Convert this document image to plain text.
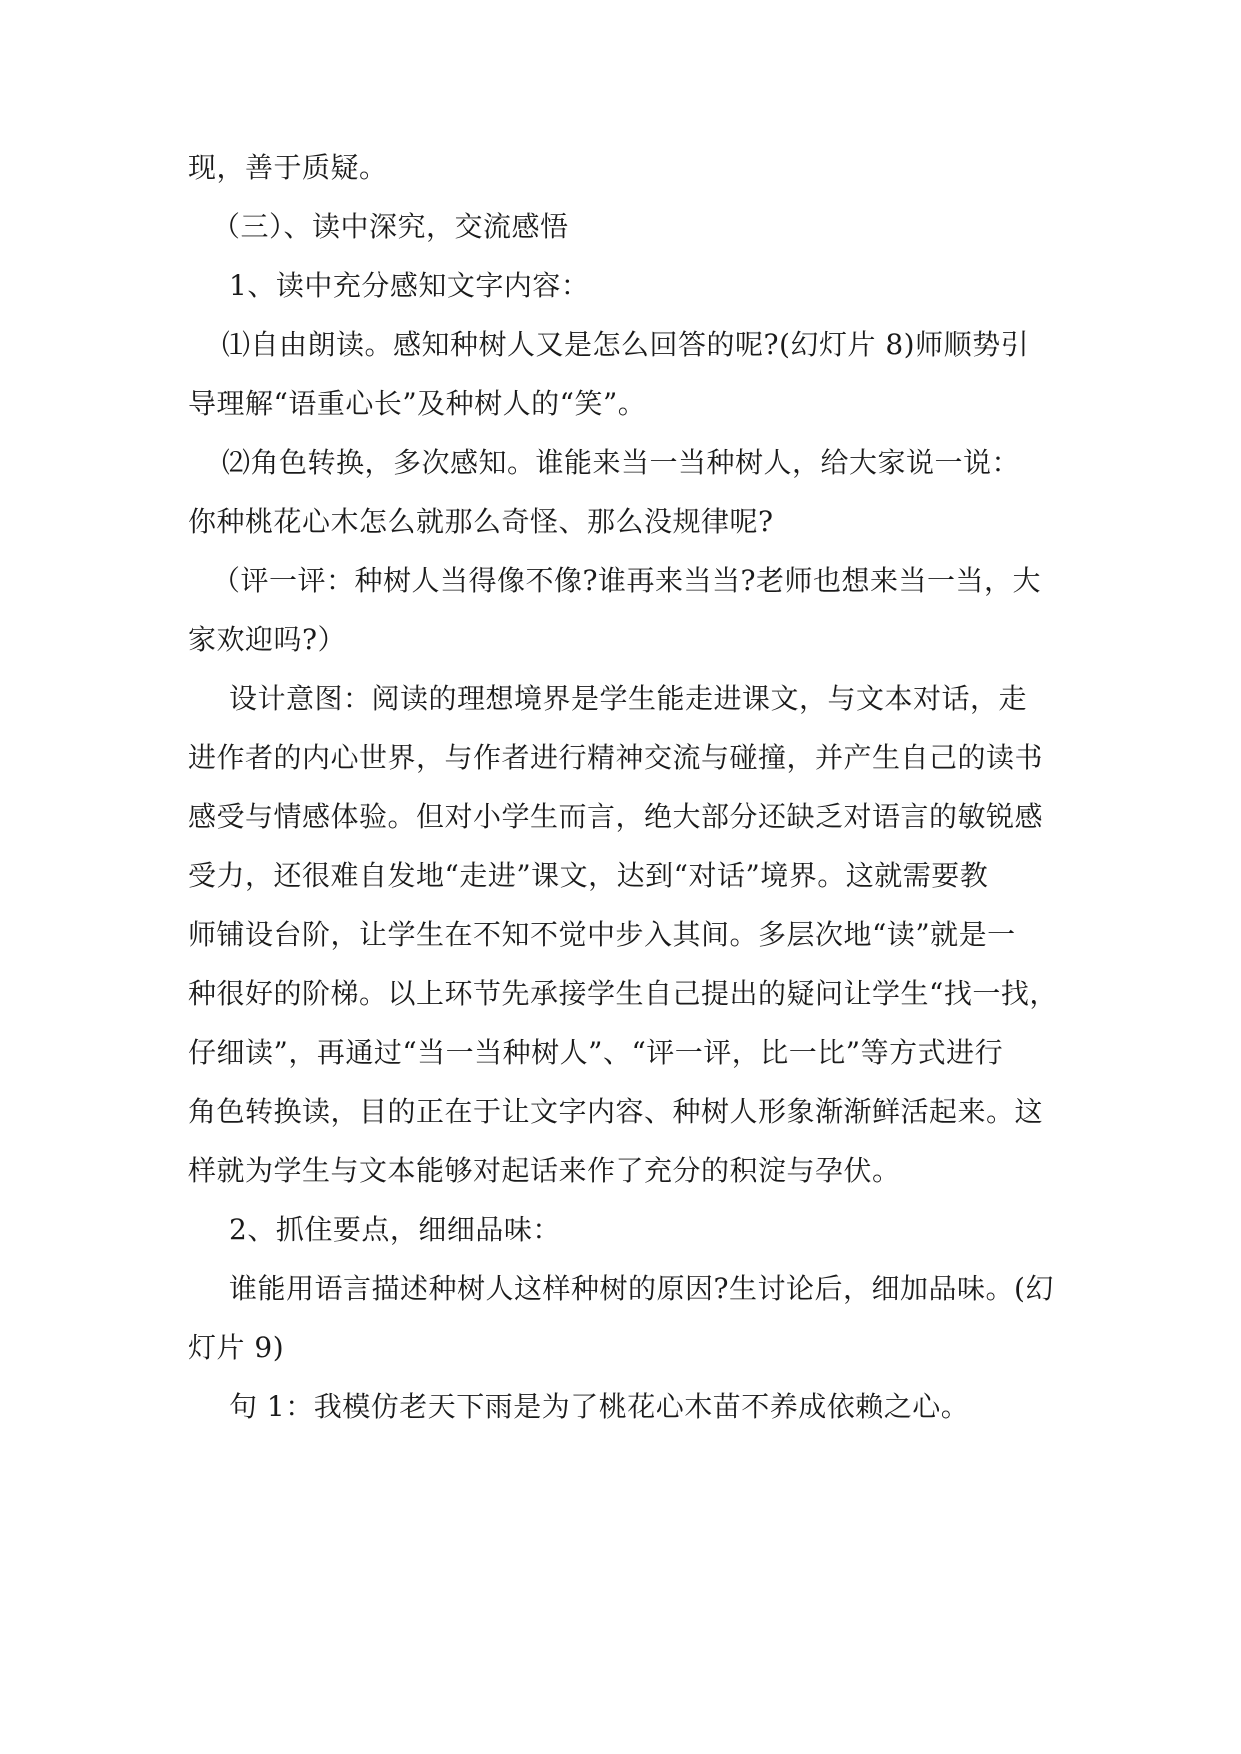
现，善于质疑。
（三）、读中深究，交流感悟
1、读中充分感知文字内容：
⑴自由朗读。感知种树人又是怎么回答的呢?(幻灯片 8)师顺势引
导理解“语重心长”及种树人的“笑”。
⑵角色转换，多次感知。谁能来当一当种树人，给大家说一说：
你种桃花心木怎么就那么奇怪、那么没规律呢?
（评一评：种树人当得像不像?谁再来当当?老师也想来当一当，大
家欢迎吗?）
设计意图：阅读的理想境界是学生能走进课文，与文本对话，走
进作者的内心世界，与作者进行精神交流与碰撞，并产生自己的读书
感受与情感体验。但对小学生而言，绝大部分还缺乏对语言的敏锐感
受力，还很难自发地“走进”课文，达到“对话”境界。这就需要教
师铺设台阶，让学生在不知不觉中步入其间。多层次地“读”就是一
种很好的阶梯。以上环节先承接学生自己提出的疑问让学生“找一找，
仔细读”，再通过“当一当种树人”、“评一评，比一比”等方式进行
角色转换读，目的正在于让文字内容、种树人形象渐渐鲜活起来。这
样就为学生与文本能够对起话来作了充分的积淀与孕伏。
2、抓住要点，细细品味：
谁能用语言描述种树人这样种树的原因?生讨论后，细加品味。(幻
灯片 9)
句 1：我模仿老天下雨是为了桃花心木苗不养成依赖之心。
